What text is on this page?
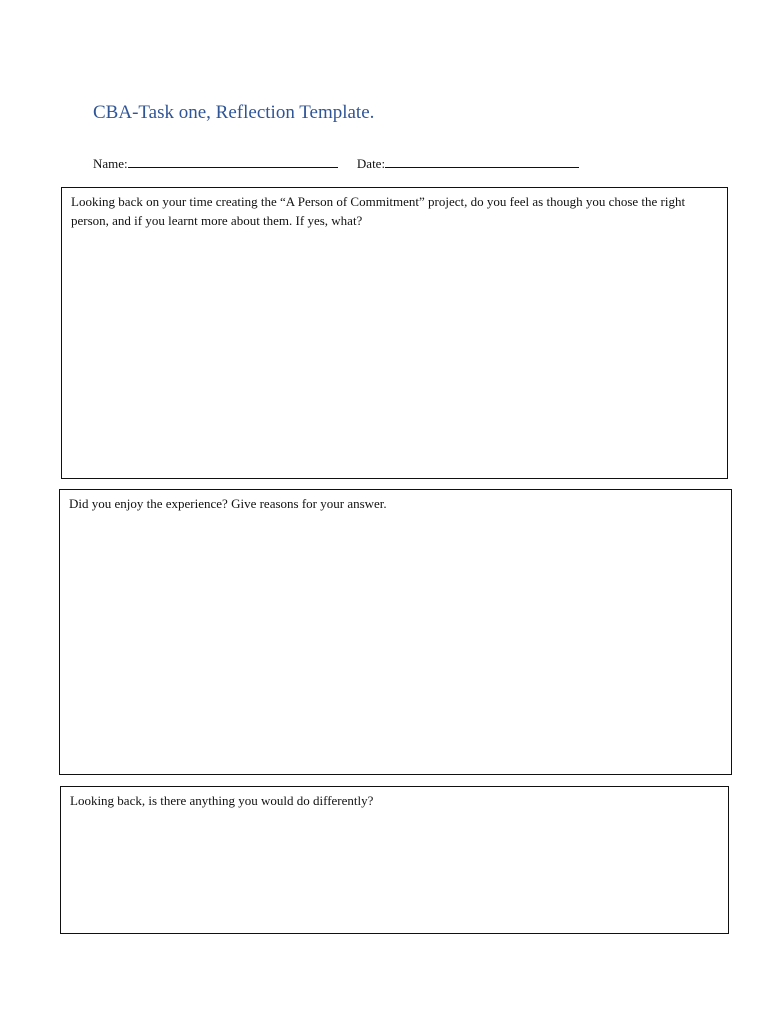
CBA-Task one, Reflection Template.
Name:	Date:

Looking back on your time creating the “A Person of Commitment” project, do you feel as though you chose the right person, and if you learnt more about them. If yes, what?

Did you enjoy the experience? Give reasons for your answer.

Looking back, is there anything you would do differently?
